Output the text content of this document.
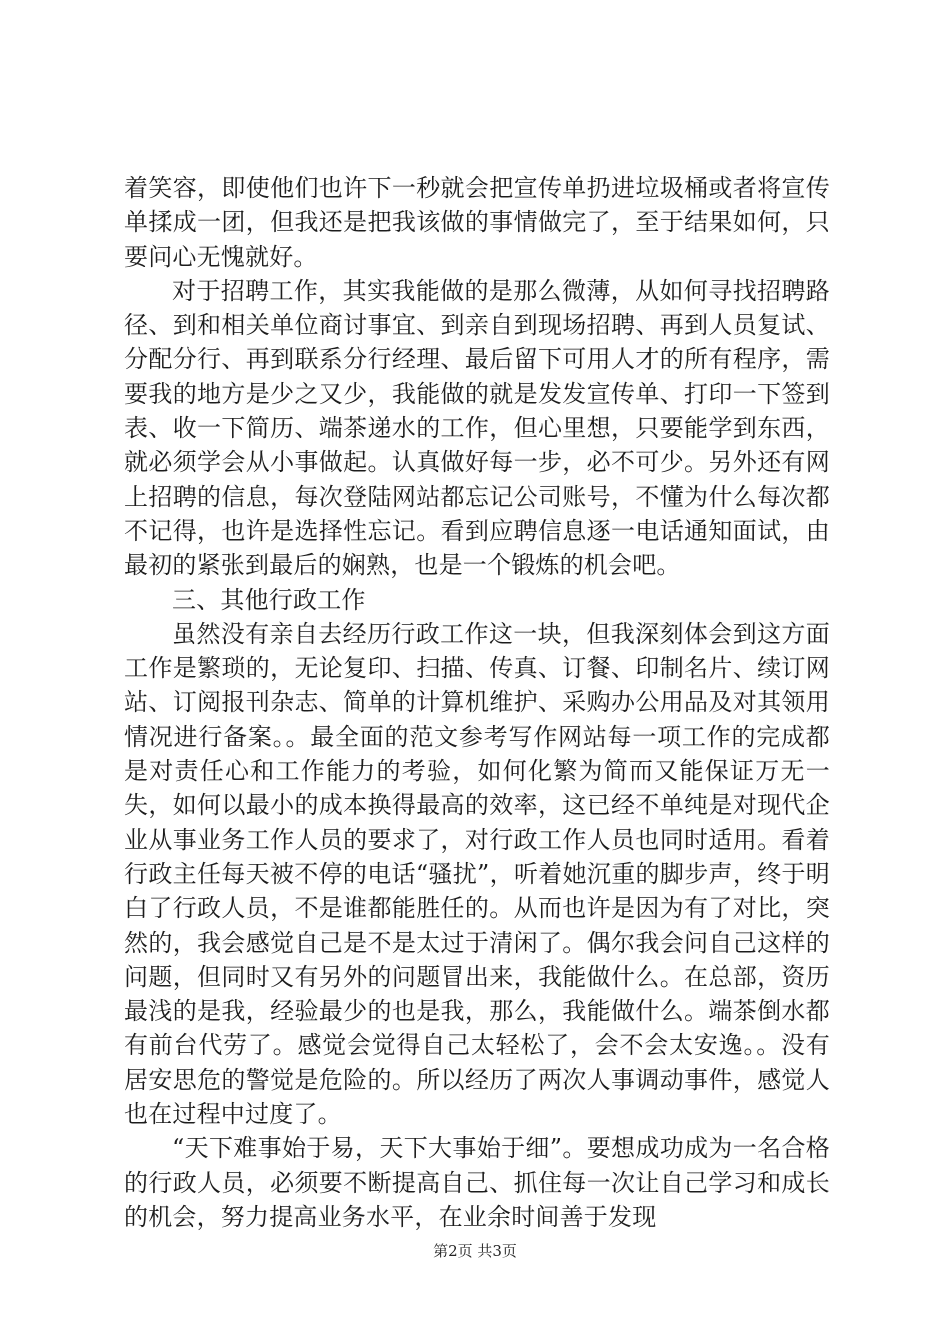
着笑容，即使他们也许下一秒就会把宣传单扔进垃圾桶或者将宣传单揉成一团，但我还是把我该做的事情做完了，至于结果如何，只要问心无愧就好。

对于招聘工作，其实我能做的是那么微薄，从如何寻找招聘路径、到和相关单位商讨事宜、到亲自到现场招聘、再到人员复试、分配分行、再到联系分行经理、最后留下可用人才的所有程序，需要我的地方是少之又少，我能做的就是发发宣传单、打印一下签到表、收一下简历、端茶递水的工作，但心里想，只要能学到东西，就必须学会从小事做起。认真做好每一步，必不可少。另外还有网上招聘的信息，每次登陆网站都忘记公司账号，不懂为什么每次都不记得，也许是选择性忘记。看到应聘信息逐一电话通知面试，由最初的紧张到最后的娴熟，也是一个锻炼的机会吧。

三、其他行政工作

虽然没有亲自去经历行政工作这一块，但我深刻体会到这方面工作是繁琐的，无论复印、扫描、传真、订餐、印制名片、续订网站、订阅报刊杂志、简单的计算机维护、采购办公用品及对其领用情况进行备案。。最全面的范文参考写作网站每一项工作的完成都是对责任心和工作能力的考验，如何化繁为简而又能保证万无一失，如何以最小的成本换得最高的效率，这已经不单纯是对现代企业从事业务工作人员的要求了，对行政工作人员也同时适用。看着行政主任每天被不停的电话“骚扰”，听着她沉重的脚步声，终于明白了行政人员，不是谁都能胜任的。从而也许是因为有了对比，突然的，我会感觉自己是不是太过于清闲了。偶尔我会问自己这样的问题，但同时又有另外的问题冒出来，我能做什么。在总部，资历最浅的是我，经验最少的也是我，那么，我能做什么。端茶倒水都有前台代劳了。感觉会觉得自己太轻松了，会不会太安逸。。没有居安思危的警觉是危险的。所以经历了两次人事调动事件，感觉人也在过程中过度了。

“天下难事始于易，天下大事始于细”。要想成功成为一名合格的行政人员，必须要不断提高自己、抓住每一次让自己学习和成长的机会，努力提高业务水平，在业余时间善于发现

第2页 共3页
